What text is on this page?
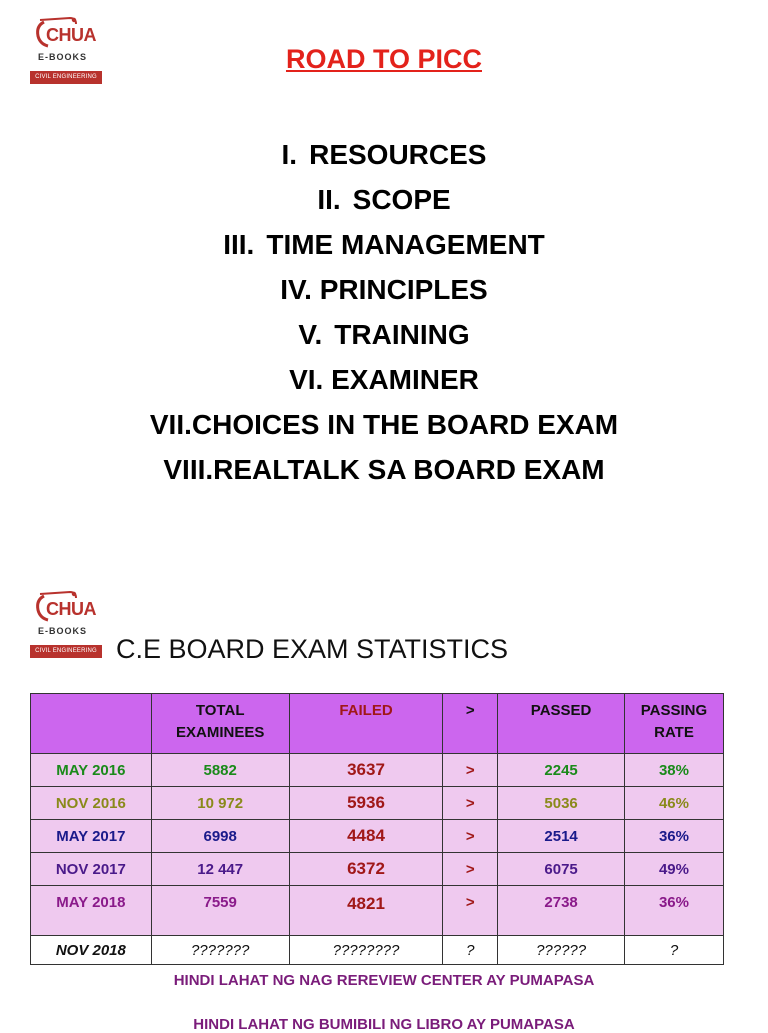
CHUA
E-BOOKS
CIVIL ENGINEERING
ROAD TO PICC
I. RESOURCES
II. SCOPE
III. TIME MANAGEMENT
IV. PRINCIPLES
V. TRAINING
VI. EXAMINER
VII.CHOICES IN THE BOARD EXAM
VIII.REALTALK SA BOARD EXAM
CHUA
E-BOOKS
CIVIL ENGINEERING C.E BOARD EXAM STATISTICS
	TOTAL EXAMINEES	FAILED	>	PASSED	PASSING RATE
MAY 2016	5882	3637	>	2245	38%
NOV 2016	10 972	5936	>	5036	46%
MAY 2017	6998	4484	>	2514	36%
NOV 2017	12 447	6372	>	6075	49%
MAY 2018	7559	4821	>	2738	36%
NOV 2018	???????	????????	?	??????	?
HINDI LAHAT NG NAG REREVIEW CENTER AY PUMAPASA
HINDI LAHAT NG BUMIBILI NG LIBRO AY PUMAPASA
